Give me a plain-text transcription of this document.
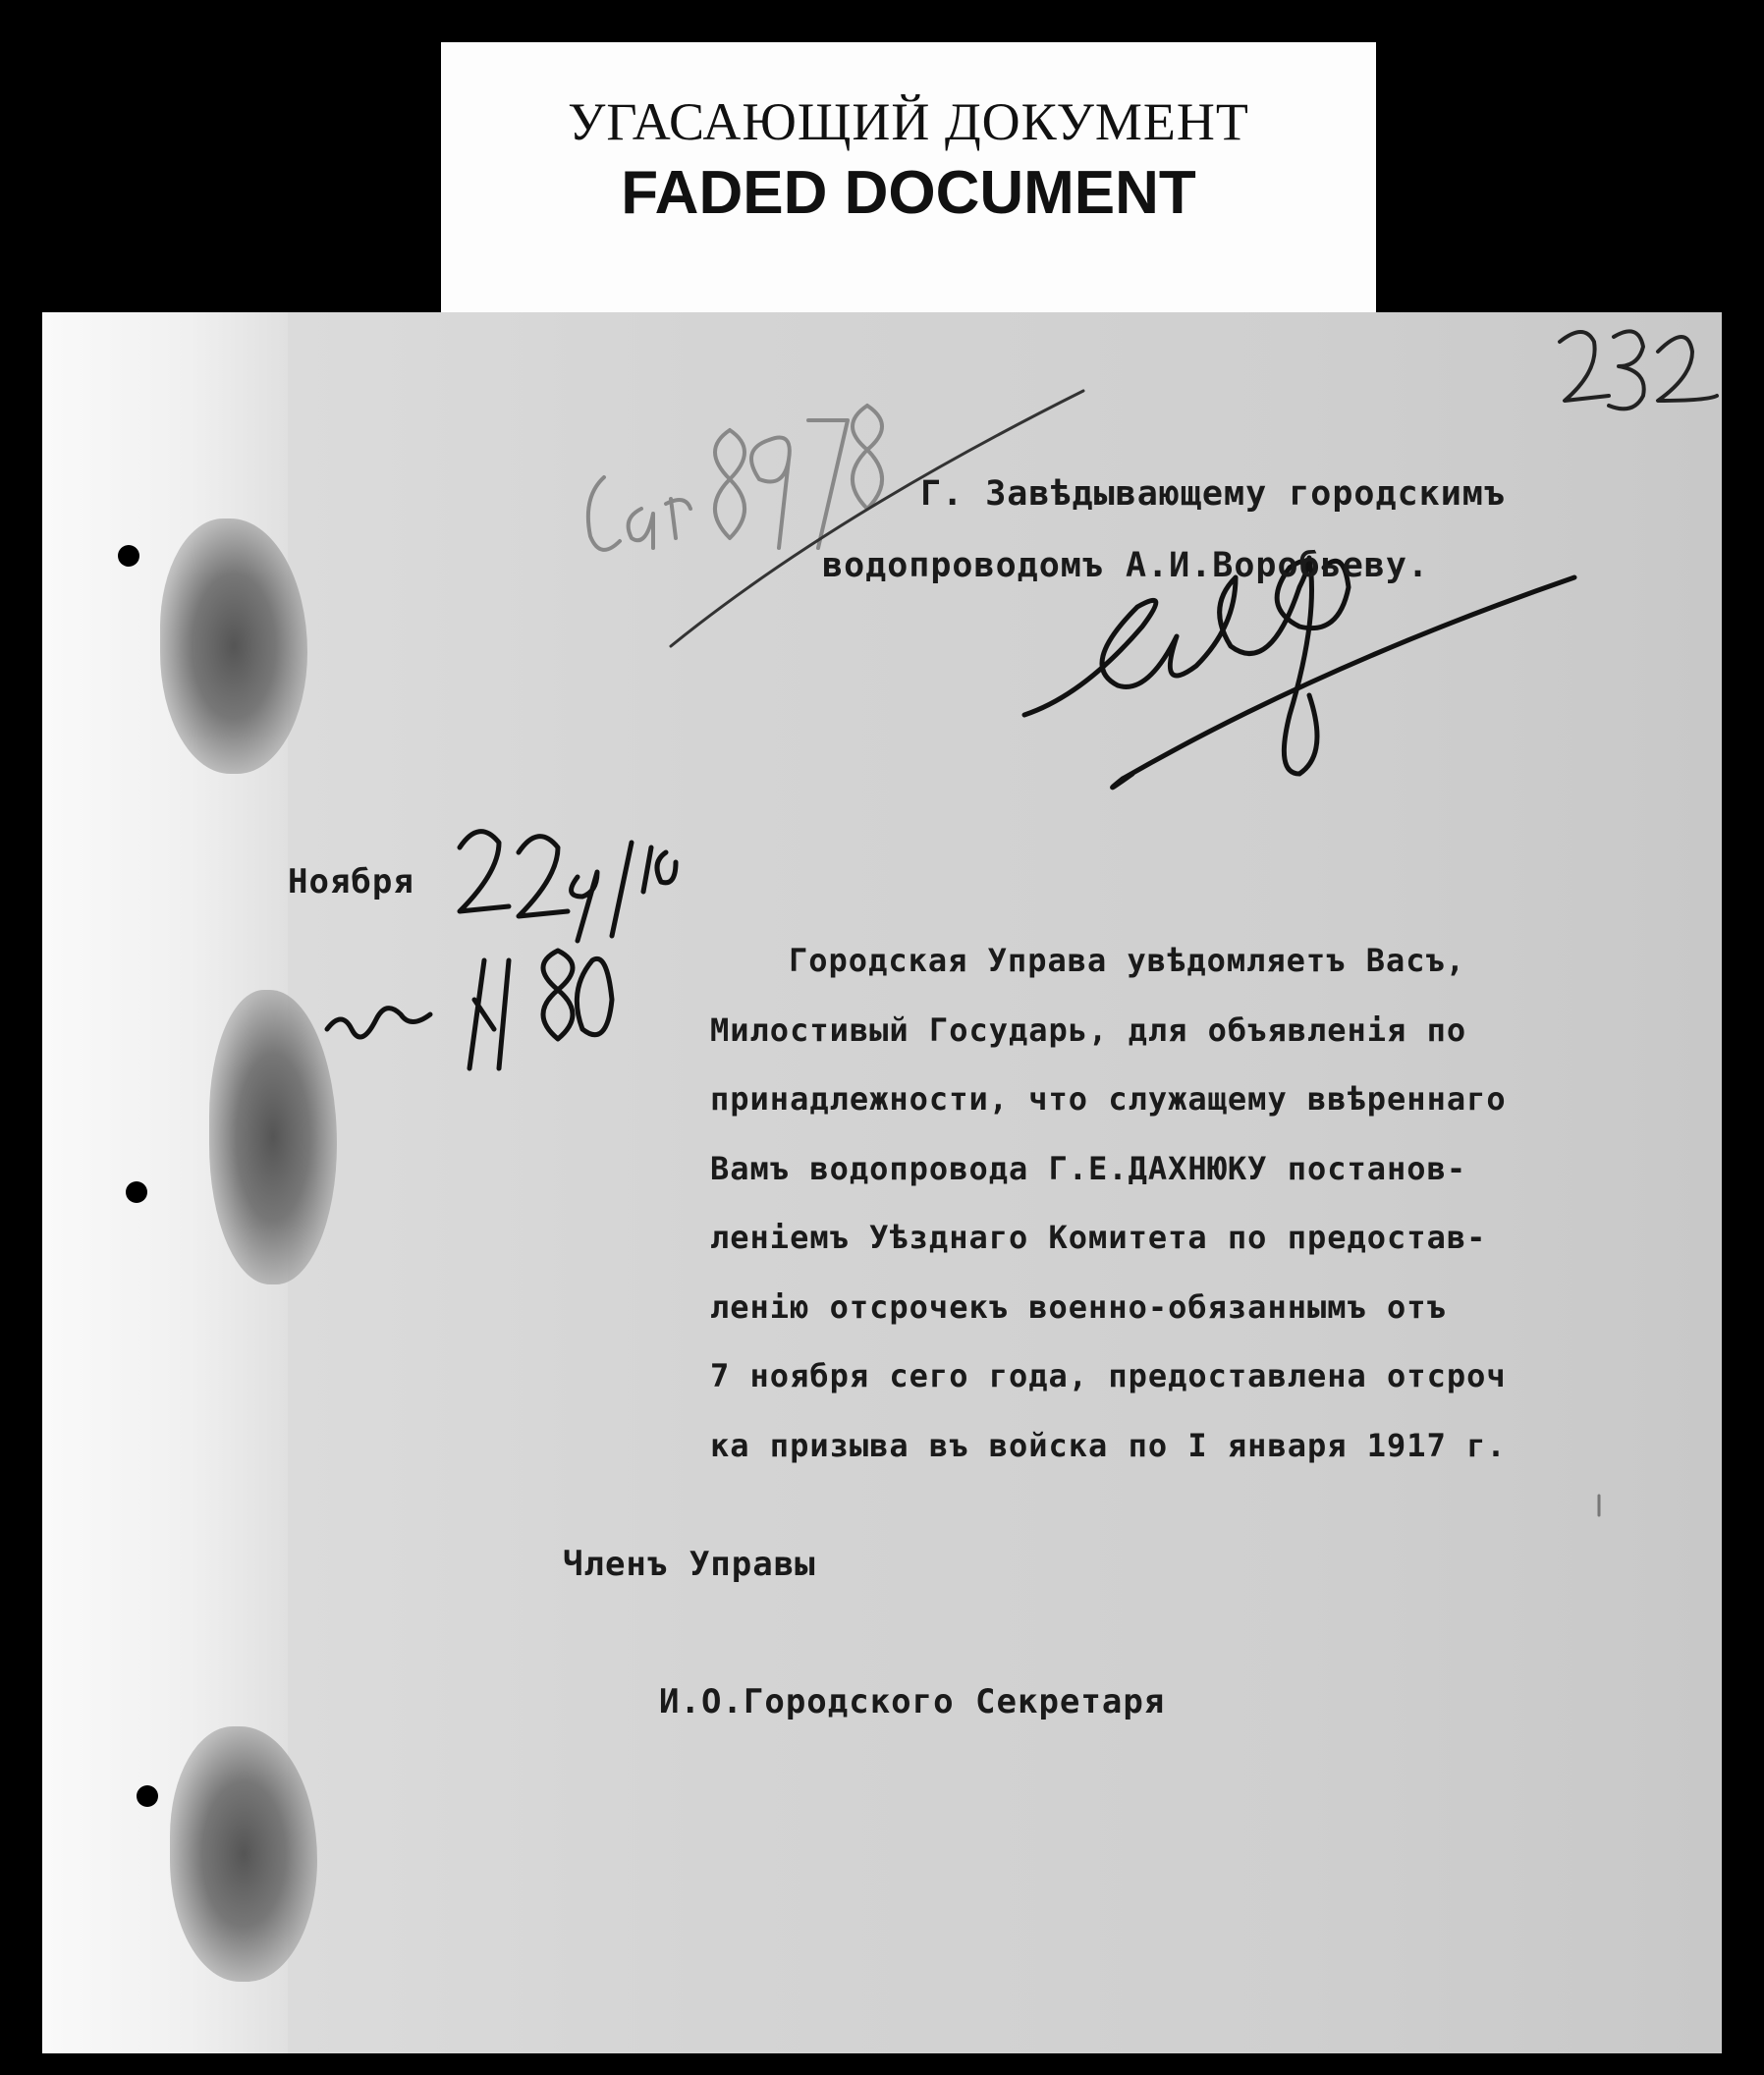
УГАСАЮЩИЙ ДОКУМЕНТ
FADED DOCUMENT
Г. Завѣдывающему городскимъ
водопроводомъ А.И.Воробьеву.
Ноября
Городская Управа увѣдомляетъ Васъ,
Милостивый Государь, для объявленія по
принадлежности, что служащему ввѣреннаго
Вамъ водопровода Г.Е.ДАХНЮКУ постанов-
леніемъ Уѣзднаго Комитета по предостав-
ленію отсрочекъ военно-обязаннымъ отъ
7 ноября сего года, предоставлена отсроч
ка призыва въ войска по I января 1917 г.
Членъ Управы
И.О.Городского Секретаря
